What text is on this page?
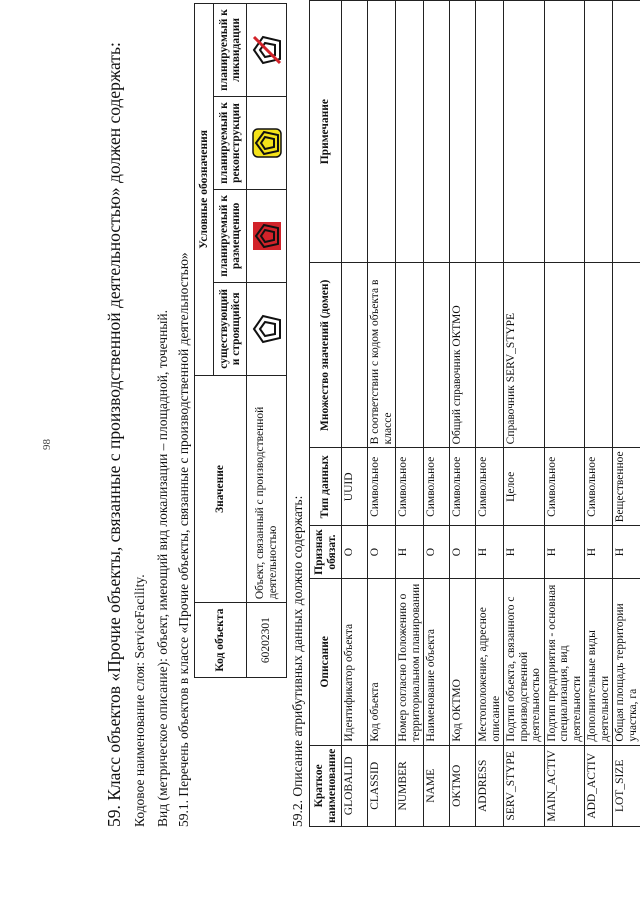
98	59. Класс объектов «Прочие объекты, связанные с производственной деятельностью» должен содержать: Кодовое наименование слоя: ServiceFacility. Вид (метрическое описание): объект, имеющий вид локализации – площадной, точечный. 59.1. Перечень объектов в классе «Прочие объекты, связанные с производственной деятельностью» Код объекта	Значение	Условные обозначения			
		существующий и строящийся	планируемый к размещению	планируемый к реконструкции	планируемый к ликвидации
60202301	Объект, связанный с производственной деятельностью	

	59.2. Описание атрибутивных данных должно содержать: Краткое наименование	Описание	Признак обязат.	Тип данных	Множество значений (домен)	Примечание
GLOBALID	Идентификатор объекта	О	UUID		
CLASSID	Код объекта	О	Символьное	В соответствии с кодом объекта в классе	
NUMBER	Номер согласно Положению о территориальном планировании	Н	Символьное		
NAME	Наименование объекта	О	Символьное		
OKTMO	Код ОКТМО	О	Символьное	Общий справочник ОКТМО	
ADDRESS	Местоположение, адресное описание	Н	Символьное		
SERV_STYPE	Подтип объекта, связанного с производственной деятельностью	Н	Целое	Справочник SERV_STYPE	
MAIN_ACTIV	Подтип предприятия - основная специализация, вид деятельности	Н	Символьное		
ADD_ACTIV	Дополнительные виды деятельности	Н	Символьное		
LOT_SIZE	Общая площадь территории участка, га	Н	Вещественное		
